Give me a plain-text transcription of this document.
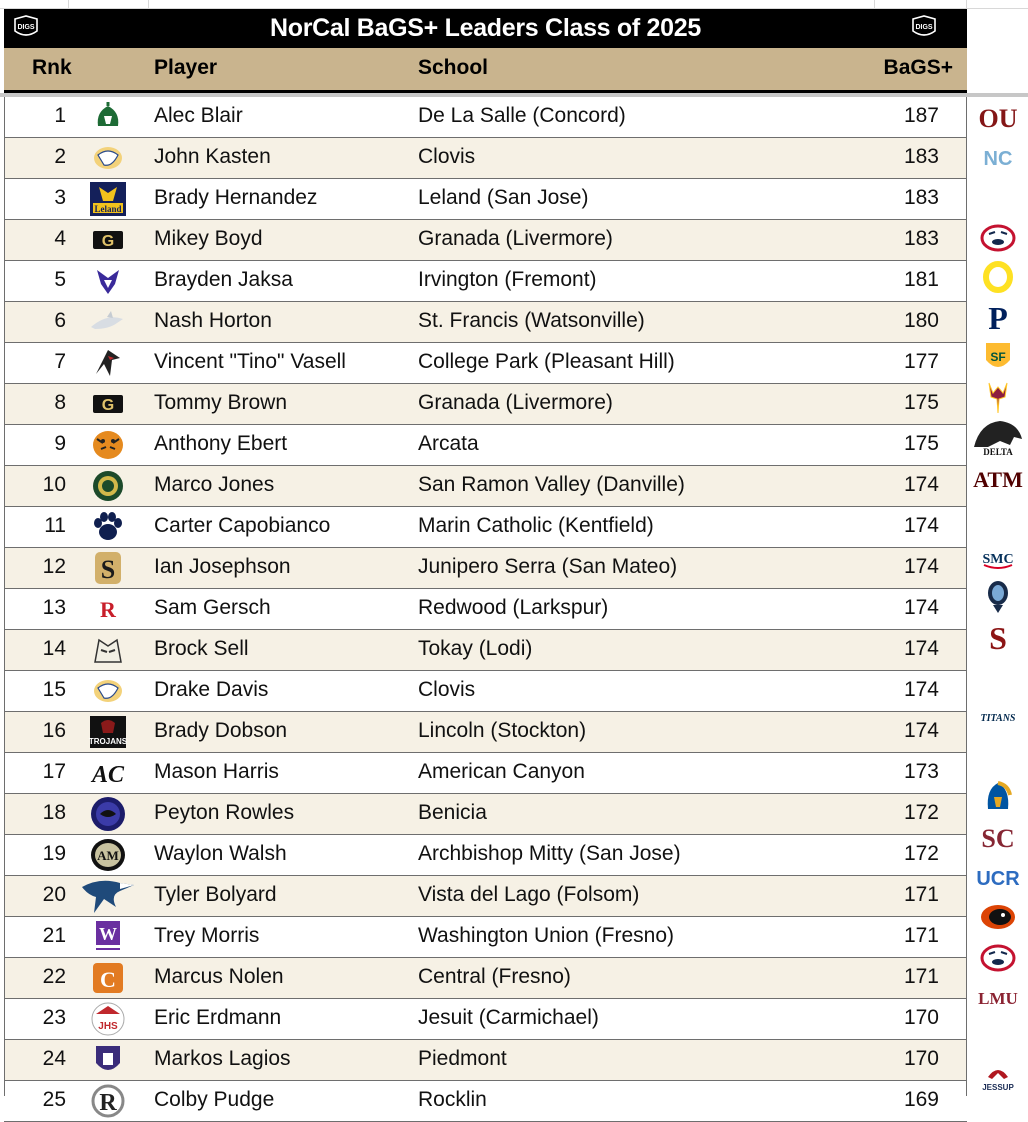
DIGS	NorCal BaGS+ Leaders Class of 2025	DIGS
Rnk	Player	School	BaGS+
1	Alec Blair	De La Salle (Concord)	187
2	John Kasten	Clovis	183
3	Leland Brady Hernandez	Leland (San Jose)	183
4 G Mikey Boyd	Granada (Livermore)	183
5	Brayden Jaksa	Irvington (Fremont)	181
6	Nash Horton	St. Francis (Watsonville)	180
7	Vincent "Tino" Vasell	College Park (Pleasant Hill)	177
8 G Tommy Brown	Granada (Livermore)	175
9	Anthony Ebert	Arcata	175
10	Marco Jones	San Ramon Valley (Danville)	174
11	Carter Capobianco	Marin Catholic (Kentfield)	174
12 S Ian Josephson	Junipero Serra (San Mateo)	174
13 R Sam Gersch	Redwood (Larkspur)	174
14	Brock Sell	Tokay (Lodi)	174
15	Drake Davis	Clovis	174
16	TROJANS Brady Dobson	Lincoln (Stockton)	174
17 AC Mason Harris	American Canyon	173
18	Peyton Rowles	Benicia	172
19 AM Waylon Walsh	Archbishop Mitty (San Jose)	172
20	Tyler Bolyard	Vista del Lago (Folsom)	171
21 W Trey Morris	Washington Union (Fresno)	171
22 C Marcus Nolen	Central (Fresno)	171
23	JHS Eric Erdmann	Jesuit (Carmichael)	170
24	Markos Lagios	Piedmont	170
25 R Colby Pudge	Rocklin	169
OU
NC
P
SF
DELTA
ATM
SMC
S
TITANS
SC
UCR
LMU
JESSUP
